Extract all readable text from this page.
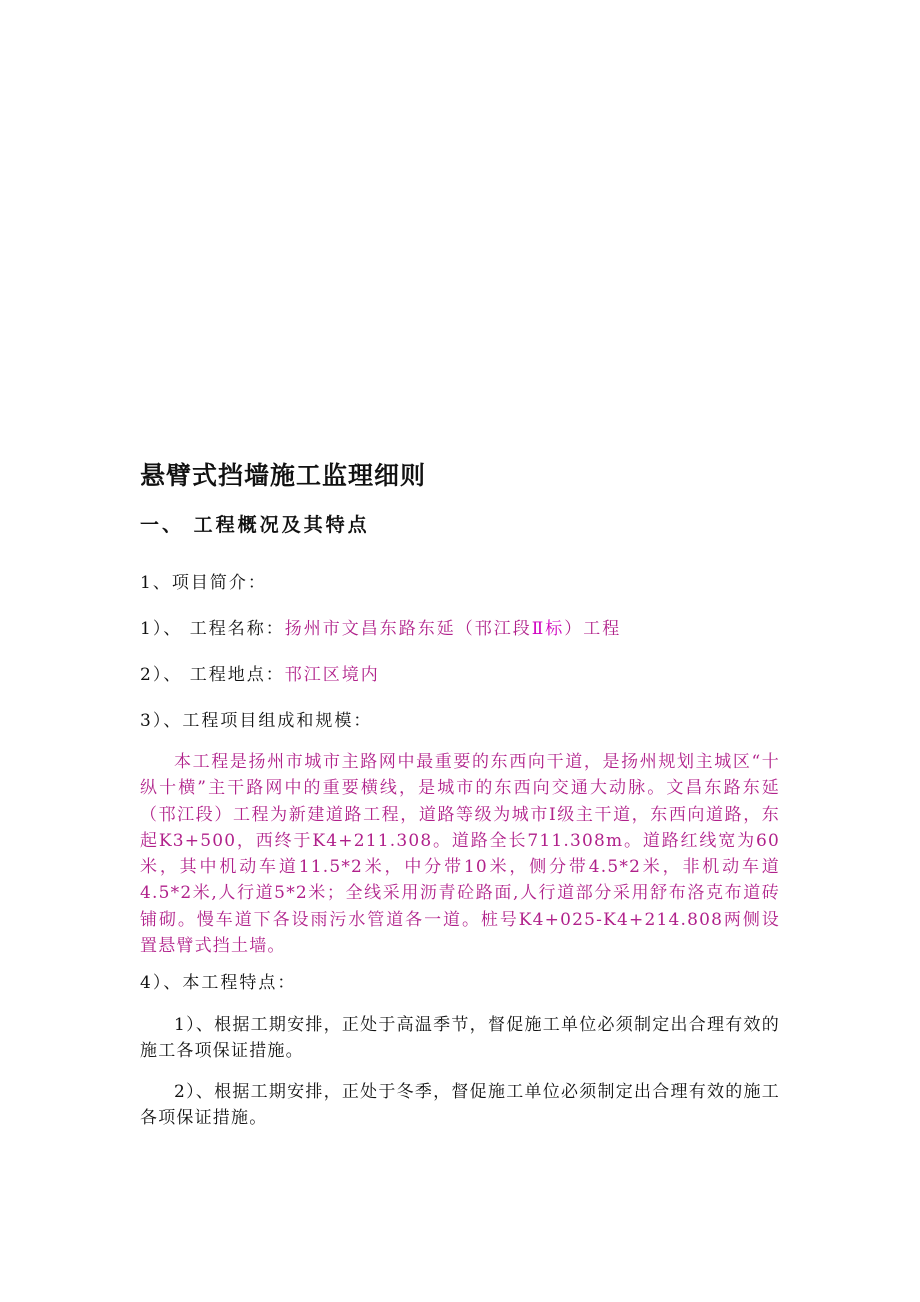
悬臂式挡墙施工监理细则
一、 工程概况及其特点
1、项目简介：
1）、 工程名称：扬州市文昌东路东延（邗江段Ⅱ标）工程
2）、 工程地点：邗江区境内
3）、工程项目组成和规模：
本工程是扬州市城市主路网中最重要的东西向干道，是扬州规划主城区“十纵十横”主干路网中的重要横线，是城市的东西向交通大动脉。文昌东路东延（邗江段）工程为新建道路工程，道路等级为城市Ⅰ级主干道，东西向道路，东起K3+500，西终于K4+211.308。道路全长711.308m。道路红线宽为60米，其中机动车道11.5*2米，中分带10米，侧分带4.5*2米，非机动车道4.5*2米,人行道5*2米；全线采用沥青砼路面,人行道部分采用舒布洛克布道砖铺砌。慢车道下各设雨污水管道各一道。桩号K4+025-K4+214.808两侧设置悬臂式挡土墙。
4）、本工程特点：
1）、根据工期安排，正处于高温季节，督促施工单位必须制定出合理有效的施工各项保证措施。
2）、根据工期安排，正处于冬季，督促施工单位必须制定出合理有效的施工各项保证措施。
